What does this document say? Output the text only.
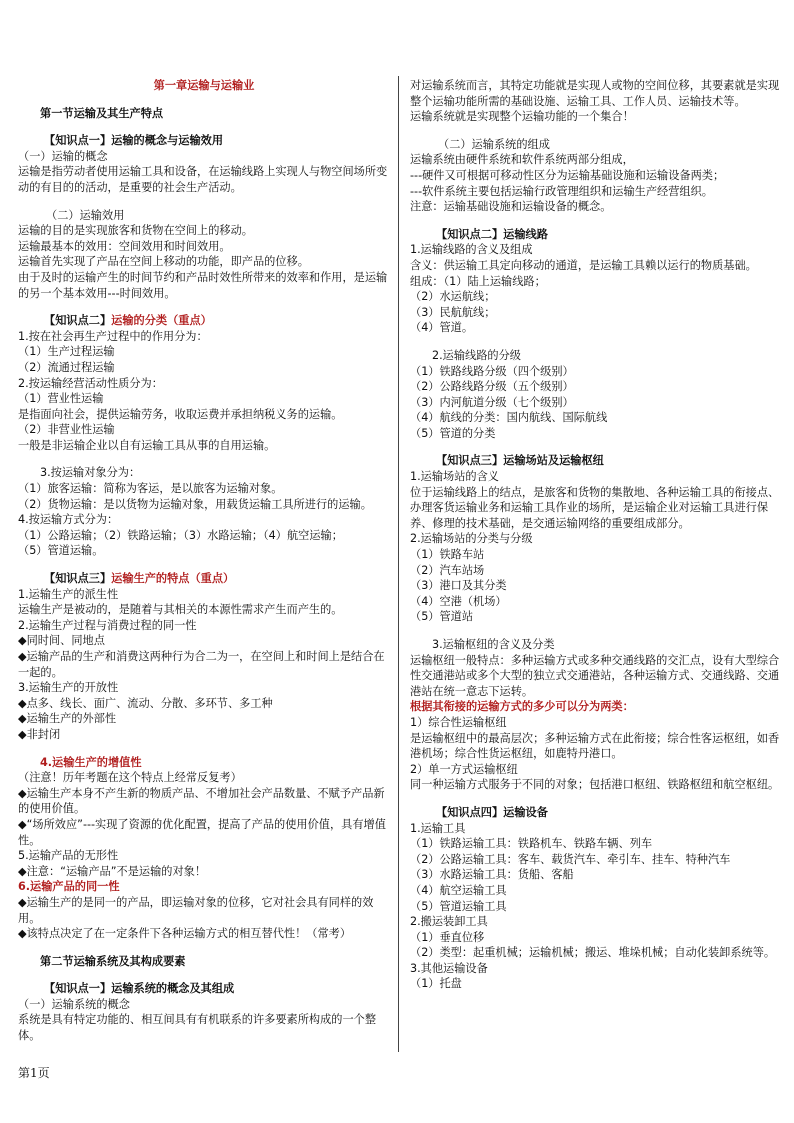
第一章运输与运输业
第一节运输及其生产特点
【知识点一】运输的概念与运输效用
（一）运输的概念
运输是指劳动者使用运输工具和设备，在运输线路上实现人与物空间场所变动的有目的的活动，是重要的社会生产活动。
（二）运输效用
运输的目的是实现旅客和货物在空间上的移动。
运输最基本的效用：空间效用和时间效用。
运输首先实现了产品在空间上移动的功能，即产品的位移。
由于及时的运输产生的时间节约和产品时效性所带来的效率和作用，是运输的另一个基本效用---时间效用。
【知识点二】运输的分类（重点）
1.按在社会再生产过程中的作用分为：
（1）生产过程运输
（2）流通过程运输
2.按运输经营活动性质分为：
（1）营业性运输
是指面向社会，提供运输劳务，收取运费并承担纳税义务的运输。
（2）非营业性运输
一般是非运输企业以自有运输工具从事的自用运输。
3.按运输对象分为：
（1）旅客运输：简称为客运，是以旅客为运输对象。
（2）货物运输：是以货物为运输对象，用载货运输工具所进行的运输。
4.按运输方式分为：
（1）公路运输；（2）铁路运输；（3）水路运输；（4）航空运输；
（5）管道运输。
【知识点三】运输生产的特点（重点）
1.运输生产的派生性
运输生产是被动的，是随着与其相关的本源性需求产生而产生的。
2.运输生产过程与消费过程的同一性
◆同时间、同地点
◆运输产品的生产和消费这两种行为合二为一，在空间上和时间上是结合在一起的。
3.运输生产的开放性
◆点多、线长、面广、流动、分散、多环节、多工种
◆运输生产的外部性
◆非封闭
4.运输生产的增值性
（注意！历年考题在这个特点上经常反复考）
◆运输生产本身不产生新的物质产品、不增加社会产品数量、不赋予产品新的使用价值。
◆“场所效应”---实现了资源的优化配置，提高了产品的使用价值，具有增值性。
5.运输产品的无形性
◆注意：“运输产品”不是运输的对象！
6.运输产品的同一性
◆运输生产的是同一的产品，即运输对象的位移，它对社会具有同样的效用。
◆该特点决定了在一定条件下各种运输方式的相互替代性！（常考）
第二节运输系统及其构成要素
【知识点一】运输系统的概念及其组成
（一）运输系统的概念
系统是具有特定功能的、相互间具有有机联系的许多要素所构成的一个整体。
对运输系统而言，其特定功能就是实现人或物的空间位移，其要素就是实现整个运输功能所需的基础设施、运输工具、工作人员、运输技术等。
运输系统就是实现整个运输功能的一个集合！
（二）运输系统的组成
运输系统由硬件系统和软件系统两部分组成，
---硬件又可根据可移动性区分为运输基础设施和运输设备两类；
---软件系统主要包括运输行政管理组织和运输生产经营组织。
注意：运输基础设施和运输设备的概念。
【知识点二】运输线路
1.运输线路的含义及组成
含义：供运输工具定向移动的通道，是运输工具赖以运行的物质基础。
组成：（1）陆上运输线路；
（2）水运航线；
（3）民航航线；
（4）管道。
2.运输线路的分级
（1）铁路线路分级（四个级别）
（2）公路线路分级（五个级别）
（3）内河航道分级（七个级别）
（4）航线的分类：国内航线、国际航线
（5）管道的分类
【知识点三】运输场站及运输枢纽
1.运输场站的含义
位于运输线路上的结点，是旅客和货物的集散地、各种运输工具的衔接点、办理客货运输业务和运输工具作业的场所，是运输企业对运输工具进行保养、修理的技术基础，是交通运输网络的重要组成部分。
2.运输场站的分类与分级
（1）铁路车站
（2）汽车站场
（3）港口及其分类
（4）空港（机场）
（5）管道站
3.运输枢纽的含义及分类
运输枢纽一般特点：多种运输方式或多种交通线路的交汇点，设有大型综合性交通港站或多个大型的独立式交通港站，各种运输方式、交通线路、交通港站在统一意志下运转。
根据其衔接的运输方式的多少可以分为两类：
1）综合性运输枢纽
是运输枢纽中的最高层次；多种运输方式在此衔接；综合性客运枢纽，如香港机场；综合性货运枢纽，如鹿特丹港口。
2）单一方式运输枢纽
同一种运输方式服务于不同的对象；包括港口枢纽、铁路枢纽和航空枢纽。
【知识点四】运输设备
1.运输工具
（1）铁路运输工具：铁路机车、铁路车辆、列车
（2）公路运输工具：客车、载货汽车、牵引车、挂车、特种汽车
（3）水路运输工具：货船、客船
（4）航空运输工具
（5）管道运输工具
2.搬运装卸工具
（1）垂直位移
（2）类型：起重机械；运输机械；搬运、堆垛机械；自动化装卸系统等。
3.其他运输设备
（1）托盘
第1页
